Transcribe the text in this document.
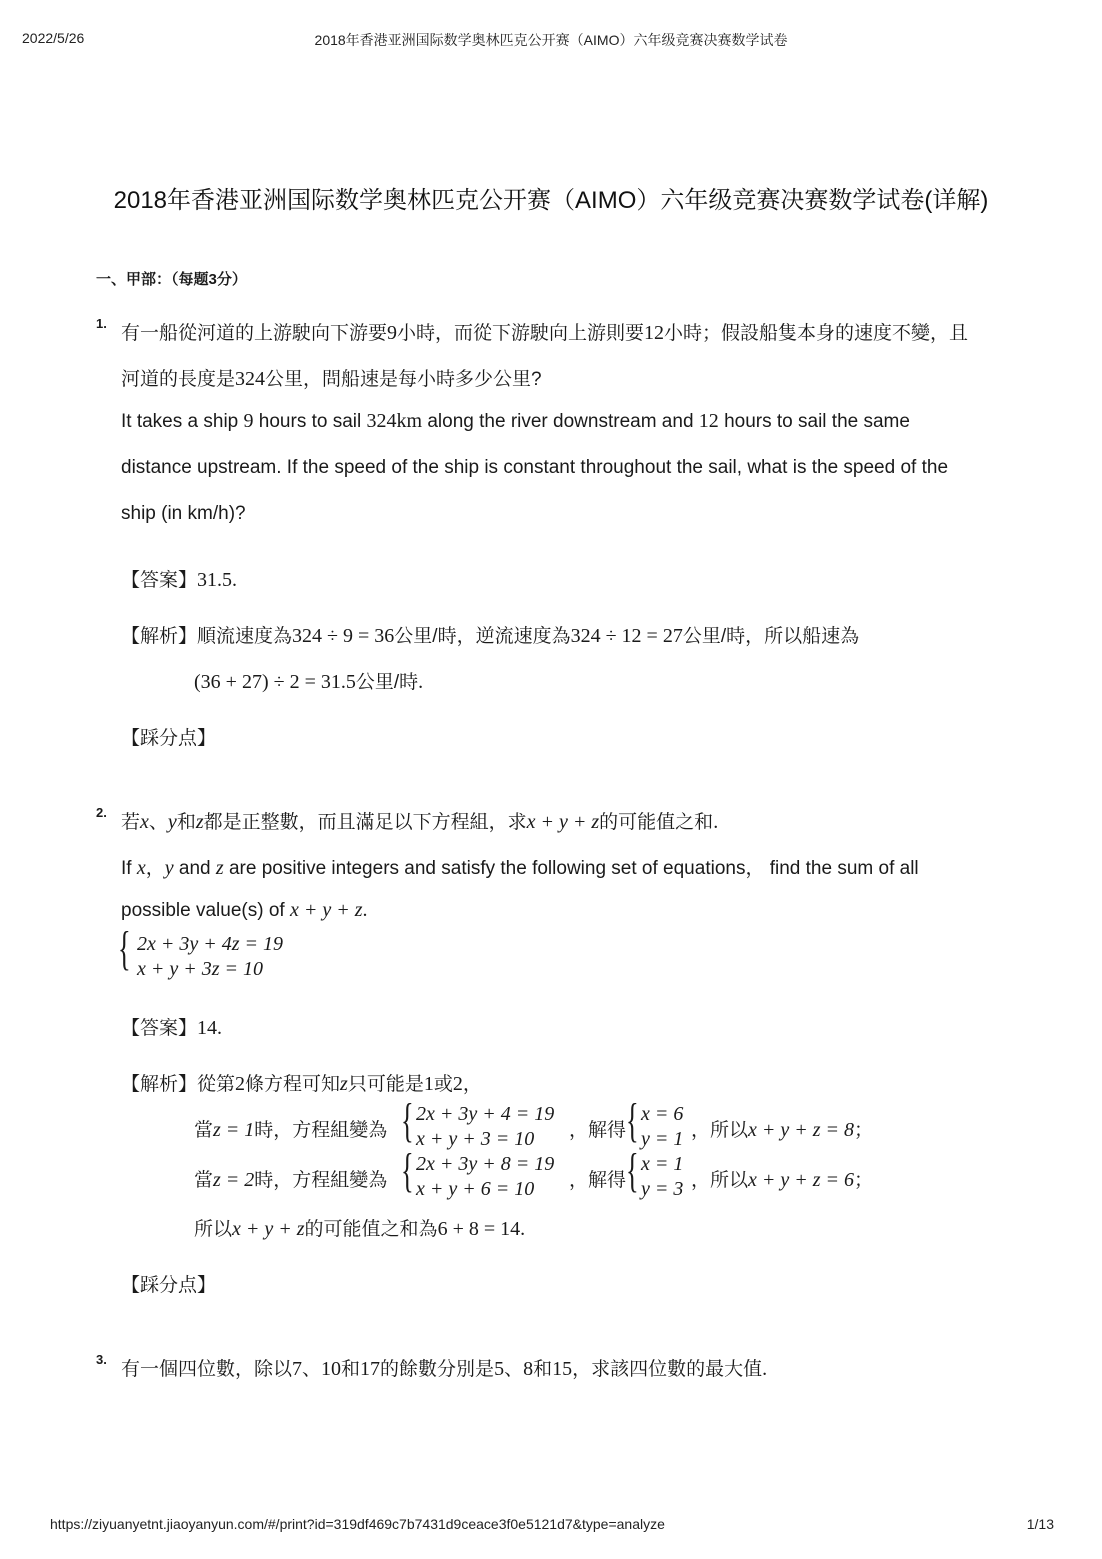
2022/5/26	2018年香港亚洲国际数学奥林匹克公开赛（AIMO）六年级竞赛决赛数学试卷
2018年香港亚洲国际数学奥林匹克公开赛（AIMO）六年级竞赛决赛数学试卷(详解)
一、甲部：（每题3分）
1. 有一船從河道的上游駛向下游要9小時，而從下游駛向上游則要12小時；假設船隻本身的速度不變，且
河道的長度是324公里，問船速是每小時多少公里?
It takes a ship 9 hours to sail 324km along the river downstream and 12 hours to sail the same
distance upstream. If the speed of the ship is constant throughout the sail, what is the speed of the
ship (in km/h)?
【答案】31.5.
【解析】順流速度為324 ÷ 9 = 36公里/時，逆流速度為324 ÷ 12 = 27公里/時，所以船速為
(36 + 27) ÷ 2 = 31.5公里/時.
【踩分点】
2. 若x、y和z都是正整數，而且滿足以下方程組，求x + y + z的可能值之和.
If x，y and z are positive integers and satisfy the following set of equations， find the sum of all
possible value(s) of x + y + z.
{ 2x + 3y + 4z = 19
x + y + 3z = 10
【答案】14.
【解析】從第2條方程可知z只可能是1或2，
當z = 1時，方程組變為 { 2x + 3y + 4 = 19
x + y + 3 = 10 ，解得 { x = 6
y = 1 ，所以x + y + z = 8；
當z = 2時，方程組變為 { 2x + 3y + 8 = 19
x + y + 6 = 10 ，解得 { x = 1
y = 3 ，所以x + y + z = 6；
所以x + y + z的可能值之和為6 + 8 = 14.
【踩分点】
3. 有一個四位數，除以7、10和17的餘數分別是5、8和15，求該四位數的最大值.
https://ziyuanyetnt.jiaoyanyun.com/#/print?id=319df469c7b7431d9ceace3f0e5121d7&type=analyze	1/13
